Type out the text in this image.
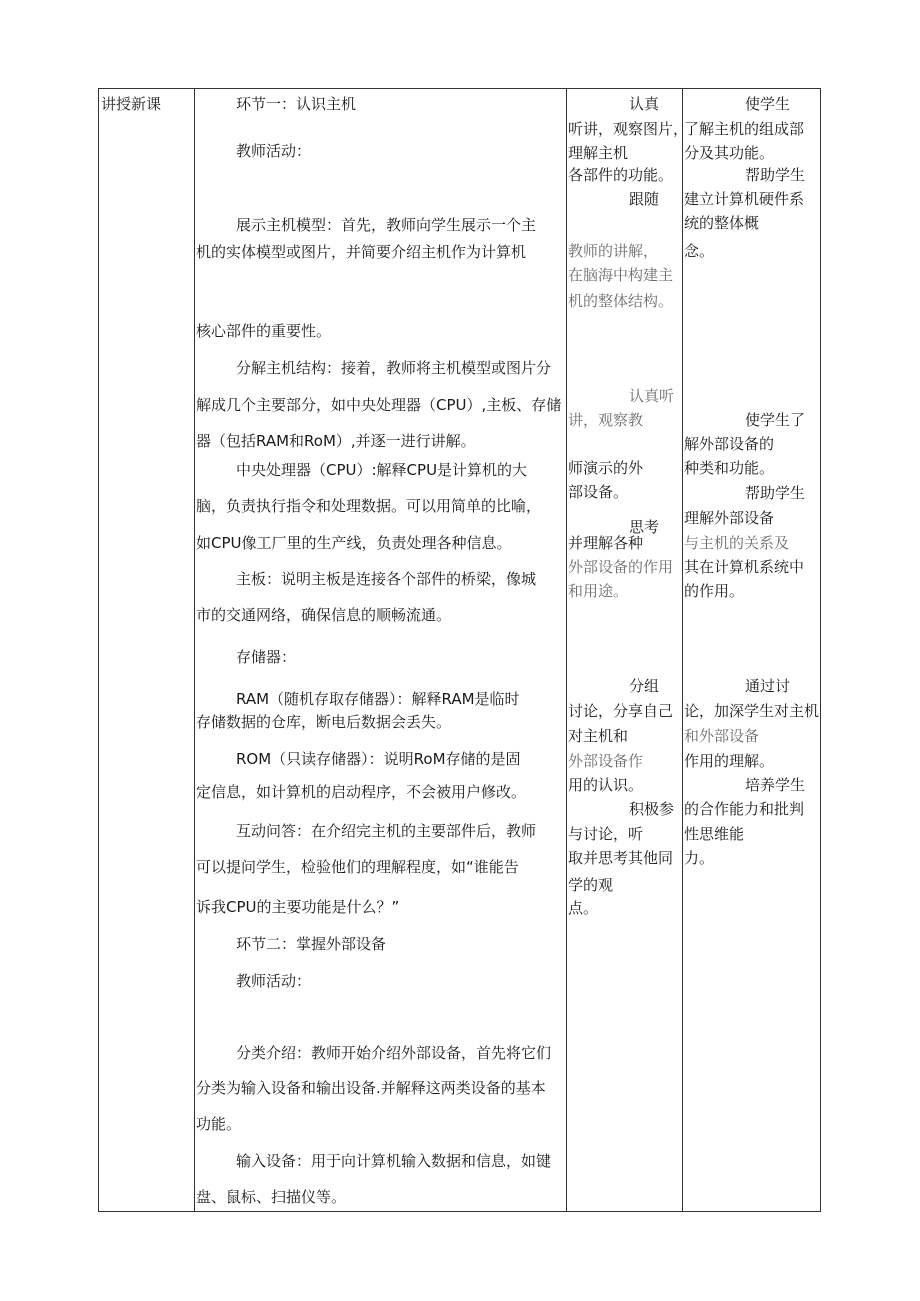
讲授新课	环节一：认识主机
教师活动：
展示主机模型：首先，教师向学生展示一个主
机的实体模型或图片，并简要介绍主机作为计算机
核心部件的重要性。
分解主机结构：接着，教师将主机模型或图片分
解成几个主要部分，如中央处理器（CPU）,主板、存储
器（包括RAM和RoM）,并逐一进行讲解。
中央处理器（CPU）:解释CPU是计算机的大
脑，负责执行指令和处理数据。可以用简单的比喻，
如CPU像工厂里的生产线，负责处理各种信息。
主板：说明主板是连接各个部件的桥梁，像城
市的交通网络，确保信息的顺畅流通。
存储器：
RAM（随机存取存储器）：解释RAM是临时
存储数据的仓库，断电后数据会丢失。
ROM（只读存储器）：说明RoM存储的是固
定信息，如计算机的启动程序，不会被用户修改。
互动问答：在介绍完主机的主要部件后，教师
可以提问学生，检验他们的理解程度，如“谁能告
诉我CPU的主要功能是什么？”
环节二：掌握外部设备
教师活动：
分类介绍：教师开始介绍外部设备，首先将它们
分类为输入设备和输出设备.并解释这两类设备的基本
功能。
输入设备：用于向计算机输入数据和信息，如键
盘、鼠标、扫描仪等。
认真
听讲，观察图片，
理解主机
各部件的功能。
跟随
教师的讲解，
在脑海中构建主
机的整体结构。
认真听
讲，观察教
师演示的外
部设备。
思考
并理解各种
外部设备的作用
和用途。
分组
讨论，分享自己
对主机和
外部设备作
用的认识。
积极参
与讨论，听
取并思考其他同
学的观
点。
使学生
了解主机的组成部
分及其功能。
帮助学生
建立计算机硬件系
统的整体概
念。
使学生了
解外部设备的
种类和功能。
帮助学生
理解外部设备
与主机的关系及
其在计算机系统中
的作用。
通过讨
论，加深学生对主机
和外部设备
作用的理解。
培养学生
的合作能力和批判
性思维能
力。
